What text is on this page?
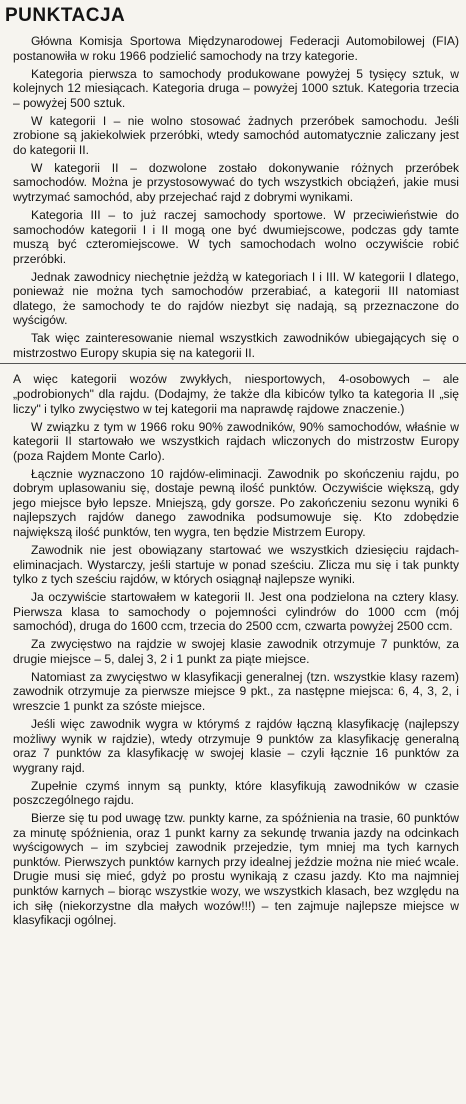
PUNKTACJA

Główna Komisja Sportowa Międzynarodowej Federacji Automobilowej (FIA) postanowiła w roku 1966 podzielić samochody na trzy kategorie.

Kategoria pierwsza to samochody produkowane powyżej 5 tysięcy sztuk, w kolejnych 12 miesiącach. Kategoria druga – powyżej 1000 sztuk. Kategoria trzecia – powyżej 500 sztuk.

W kategorii I – nie wolno stosować żadnych przeróbek samochodu. Jeśli zrobione są jakiekolwiek przeróbki, wtedy samochód automatycznie zaliczany jest do kategorii II.

W kategorii II – dozwolone zostało dokonywanie różnych przeróbek samochodów. Można je przystosowywać do tych wszystkich obciążeń, jakie musi wytrzymać samochód, aby przejechać rajd z dobrymi wynikami.

Kategoria III – to już raczej samochody sportowe. W przeciwieństwie do samochodów kategorii I i II mogą one być dwumiejscowe, podczas gdy tamte muszą być czteromiejscowe. W tych samochodach wolno oczywiście robić przeróbki.

Jednak zawodnicy niechętnie jeżdżą w kategoriach I i III. W kategorii I dlatego, ponieważ nie można tych samochodów przerabiać, a kategorii III natomiast dlatego, że samochody te do rajdów niezbyt się nadają, są przeznaczone do wyścigów.

Tak więc zainteresowanie niemal wszystkich zawodników ubiegających się o mistrzostwo Europy skupia się na kategorii II.

A więc kategorii wozów zwykłych, niesportowych, 4-osobowych – ale „podrobionych" dla rajdu. (Dodajmy, że także dla kibiców tylko ta kategoria II „się liczy" i tylko zwycięstwo w tej kategorii ma naprawdę rajdowe znaczenie.)

W związku z tym w 1966 roku 90% zawodników, 90% samochodów, właśnie w kategorii II startowało we wszystkich rajdach wliczonych do mistrzostw Europy (poza Rajdem Monte Carlo).

Łącznie wyznaczono 10 rajdów-eliminacji. Zawodnik po skończeniu rajdu, po dobrym uplasowaniu się, dostaje pewną ilość punktów. Oczywiście większą, gdy jego miejsce było lepsze. Mniejszą, gdy gorsze. Po zakończeniu sezonu wyniki 6 najlepszych rajdów danego zawodnika podsumowuje się. Kto zdobędzie największą ilość punktów, ten wygra, ten będzie Mistrzem Europy.

Zawodnik nie jest obowiązany startować we wszystkich dziesięciu rajdach-eliminacjach. Wystarczy, jeśli startuje w ponad sześciu. Zlicza mu się i tak punkty tylko z tych sześciu rajdów, w których osiągnął najlepsze wyniki.

Ja oczywiście startowałem w kategorii II. Jest ona podzielona na cztery klasy. Pierwsza klasa to samochody o pojemności cylindrów do 1000 ccm (mój samochód), druga do 1600 ccm, trzecia do 2500 ccm, czwarta powyżej 2500 ccm.

Za zwycięstwo na rajdzie w swojej klasie zawodnik otrzymuje 7 punktów, za drugie miejsce – 5, dalej 3, 2 i 1 punkt za piąte miejsce.

Natomiast za zwycięstwo w klasyfikacji generalnej (tzn. wszystkie klasy razem) zawodnik otrzymuje za pierwsze miejsce 9 pkt., za następne miejsca: 6, 4, 3, 2, i wreszcie 1 punkt za szóste miejsce.

Jeśli więc zawodnik wygra w którymś z rajdów łączną klasyfikację (najlepszy możliwy wynik w rajdzie), wtedy otrzymuje 9 punktów za klasyfikację generalną oraz 7 punktów za klasyfikację w swojej klasie – czyli łącznie 16 punktów za wygrany rajd.

Zupełnie czymś innym są punkty, które klasyfikują zawodników w czasie poszczególnego rajdu.

Bierze się tu pod uwagę tzw. punkty karne, za spóźnienia na trasie, 60 punktów za minutę spóźnienia, oraz 1 punkt karny za sekundę trwania jazdy na odcinkach wyścigowych – im szybciej zawodnik przejedzie, tym mniej ma tych karnych punktów. Pierwszych punktów karnych przy idealnej jeździe można nie mieć wcale. Drugie musi się mieć, gdyż po prostu wynikają z czasu jazdy. Kto ma najmniej punktów karnych – biorąc wszystkie wozy, we wszystkich klasach, bez względu na ich siłę (niekorzystne dla małych wozów!!!) – ten zajmuje najlepsze miejsce w klasyfikacji ogólnej.
